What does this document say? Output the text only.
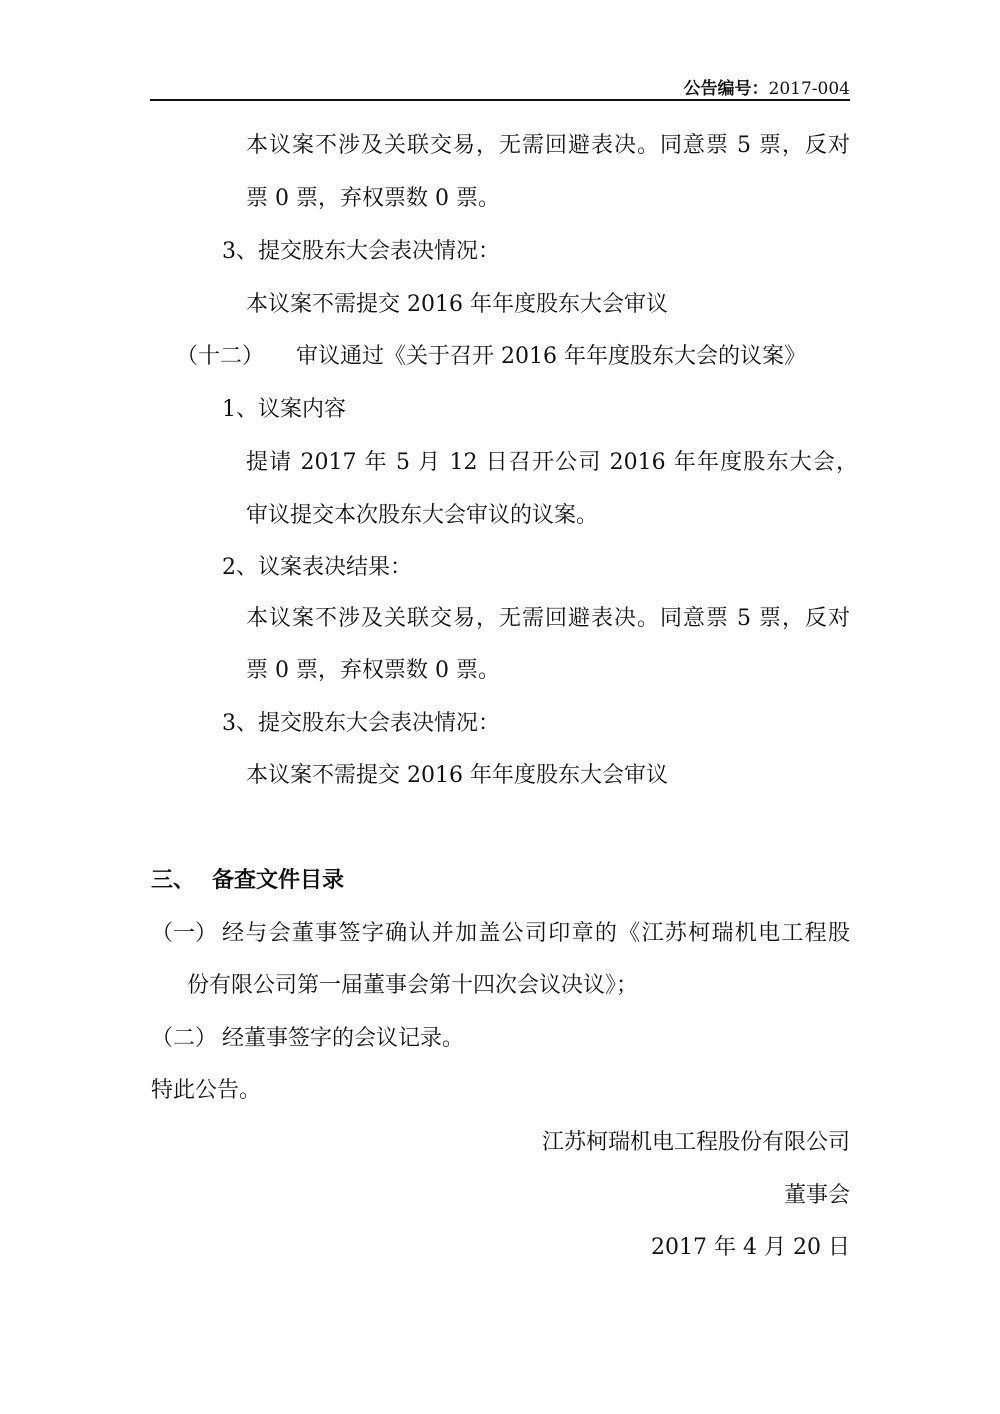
公告编号：2017-004
本议案不涉及关联交易，无需回避表决。同意票 5 票，反对
票 0 票，弃权票数 0 票。
3、提交股东大会表决情况：
本议案不需提交 2016 年年度股东大会审议
（十二） 审议通过《关于召开 2016 年年度股东大会的议案》
1、议案内容
提请 2017 年 5 月 12 日召开公司 2016 年年度股东大会，
审议提交本次股东大会审议的议案。
2、议案表决结果：
本议案不涉及关联交易，无需回避表决。同意票 5 票，反对
票 0 票，弃权票数 0 票。
3、提交股东大会表决情况：
本议案不需提交 2016 年年度股东大会审议
三、 备查文件目录
（一） 经与会董事签字确认并加盖公司印章的《江苏柯瑞机电工程股
份有限公司第一届董事会第十四次会议决议》；
（二） 经董事签字的会议记录。
特此公告。
江苏柯瑞机电工程股份有限公司
董事会
2017 年 4 月 20 日
